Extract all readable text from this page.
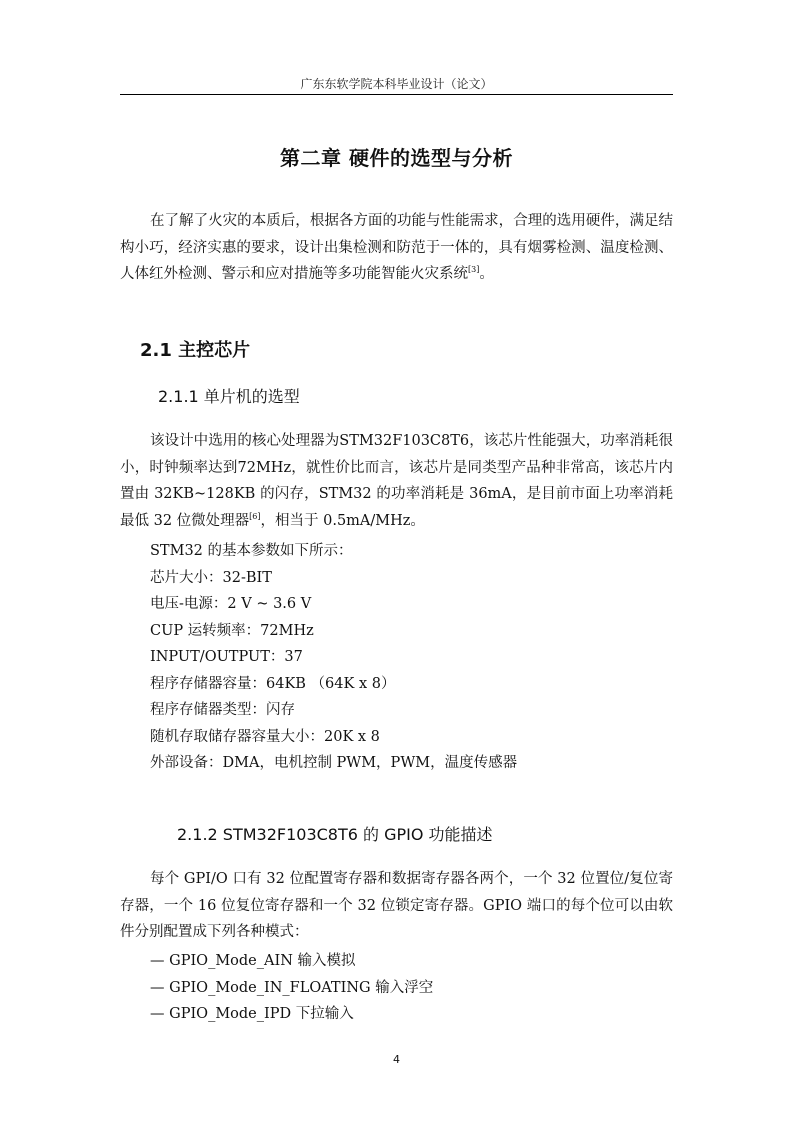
广东东软学院本科毕业设计（论文）
第二章 硬件的选型与分析

在了解了火灾的本质后，根据各方面的功能与性能需求，合理的选用硬件，满足结构小巧，经济实惠的要求，设计出集检测和防范于一体的，具有烟雾检测、温度检测、人体红外检测、警示和应对措施等多功能智能火灾系统[3]。

2.1 主控芯片
2.1.1 单片机的选型

该设计中选用的核心处理器为STM32F103C8T6，该芯片性能强大，功率消耗很小，时钟频率达到72MHz，就性价比而言，该芯片是同类型产品种非常高，该芯片内置由 32KB~128KB 的闪存，STM32 的功率消耗是 36mA，是目前市面上功率消耗最低 32 位微处理器[6]，相当于 0.5mA/MHz。

STM32 的基本参数如下所示：
芯片大小：32-BIT
电压-电源：2 V ~ 3.6 V
CUP 运转频率：72MHz
INPUT/OUTPUT：37
程序存储器容量：64KB （64K x 8）
程序存储器类型：闪存
随机存取储存器容量大小：20K x 8
外部设备：DMA，电机控制 PWM，PWM，温度传感器
2.1.2 STM32F103C8T6 的 GPIO 功能描述

每个 GPI/O 口有 32 位配置寄存器和数据寄存器各两个，一个 32 位置位/复位寄存器，一个 16 位复位寄存器和一个 32 位锁定寄存器。GPIO 端口的每个位可以由软件分别配置成下列各种模式：

— GPIO_Mode_AIN 输入模拟
— GPIO_Mode_IN_FLOATING 输入浮空
— GPIO_Mode_IPD 下拉输入
4
